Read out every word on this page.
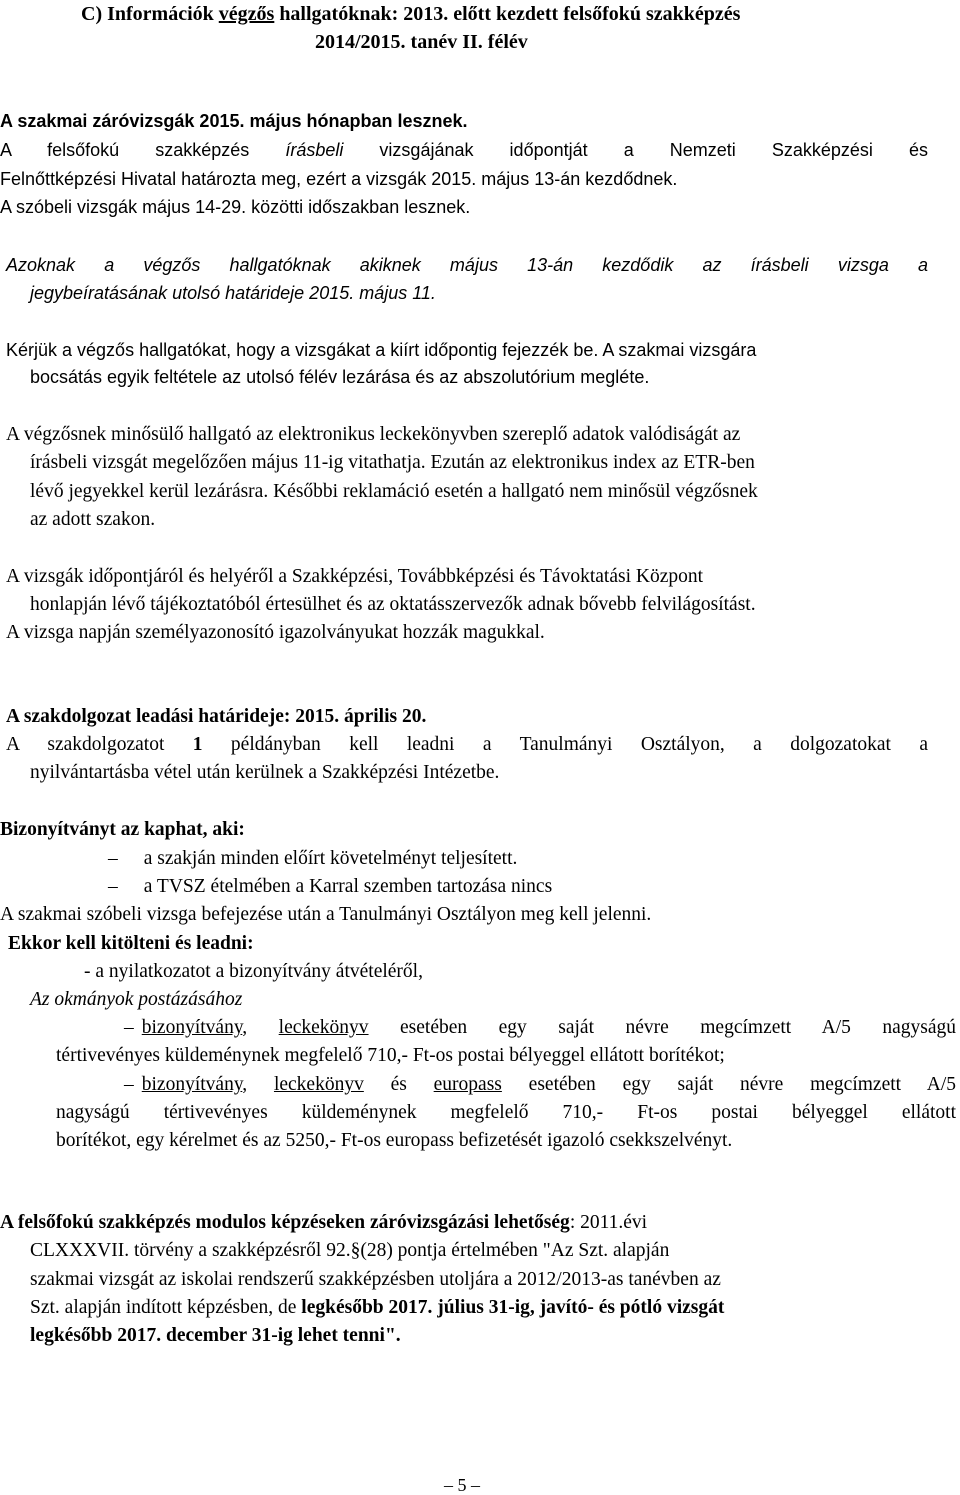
C) Információk végzős hallgatóknak: 2013. előtt kezdett felsőfokú szakképzés
2014/2015. tanév II. félév
A szakmai záróvizsgák 2015. május hónapban lesznek.
A felsőfokú szakképzés írásbeli vizsgájának időpontját a Nemzeti Szakképzési és
Felnőttképzési Hivatal határozta meg, ezért a vizsgák 2015. május 13-án kezdődnek.
A szóbeli vizsgák május 14-29. közötti időszakban lesznek.
Azoknak a végzős hallgatóknak akiknek május 13-án kezdődik az írásbeli vizsga a
jegybeíratásának utolsó határideje 2015. május 11.
Kérjük a végzős hallgatókat, hogy a vizsgákat a kiírt időpontig fejezzék be. A szakmai vizsgára
bocsátás egyik feltétele az utolsó félév lezárása és az abszolutórium megléte.
A végzősnek minősülő hallgató az elektronikus leckekönyvben szereplő adatok valódiságát az
írásbeli vizsgát megelőzően május 11-ig vitathatja. Ezután az elektronikus index az ETR-ben
lévő jegyekkel kerül lezárásra. Későbbi reklamáció esetén a hallgató nem minősül végzősnek
az adott szakon.
A vizsgák időpontjáról és helyéről a Szakképzési, Továbbképzési és Távoktatási Központ
honlapján lévő tájékoztatóból értesülhet és az oktatásszervezők adnak bővebb felvilágosítást.
A vizsga napján személyazonosító igazolványukat hozzák magukkal.
A szakdolgozat leadási határideje: 2015. április 20.
A szakdolgozatot 1 példányban kell leadni a Tanulmányi Osztályon, a dolgozatokat a
nyilvántartásba vétel után kerülnek a Szakképzési Intézetbe.
Bizonyítványt az kaphat, aki:
– a szakján minden előírt követelményt teljesített.
– a TVSZ ételmében a Karral szemben tartozása nincs
A szakmai szóbeli vizsga befejezése után a Tanulmányi Osztályon meg kell jelenni.
Ekkor kell kitölteni és leadni:
- a nyilatkozatot a bizonyítvány átvételéről,
Az okmányok postázásához
– bizonyítvány, leckekönyv esetében egy saját névre megcímzett A/5 nagyságú
tértivevényes küldeménynek megfelelő 710,- Ft-os postai bélyeggel ellátott borítékot;
– bizonyítvány, leckekönyv és europass esetében egy saját névre megcímzett A/5
nagyságú tértivevényes küldeménynek megfelelő 710,- Ft-os postai bélyeggel ellátott
borítékot, egy kérelmet és az 5250,- Ft-os europass befizetését igazoló csekkszelvényt.
A felsőfokú szakképzés modulos képzéseken záróvizsgázási lehetőség: 2011.évi
CLXXXVII. törvény a szakképzésről 92.§(28) pontja értelmében "Az Szt. alapján
szakmai vizsgát az iskolai rendszerű szakképzésben utoljára a 2012/2013-as tanévben az
Szt. alapján indított képzésben, de legkésőbb 2017. július 31-ig, javító- és pótló vizsgát
legkésőbb 2017. december 31-ig lehet tenni".
– 5 –
